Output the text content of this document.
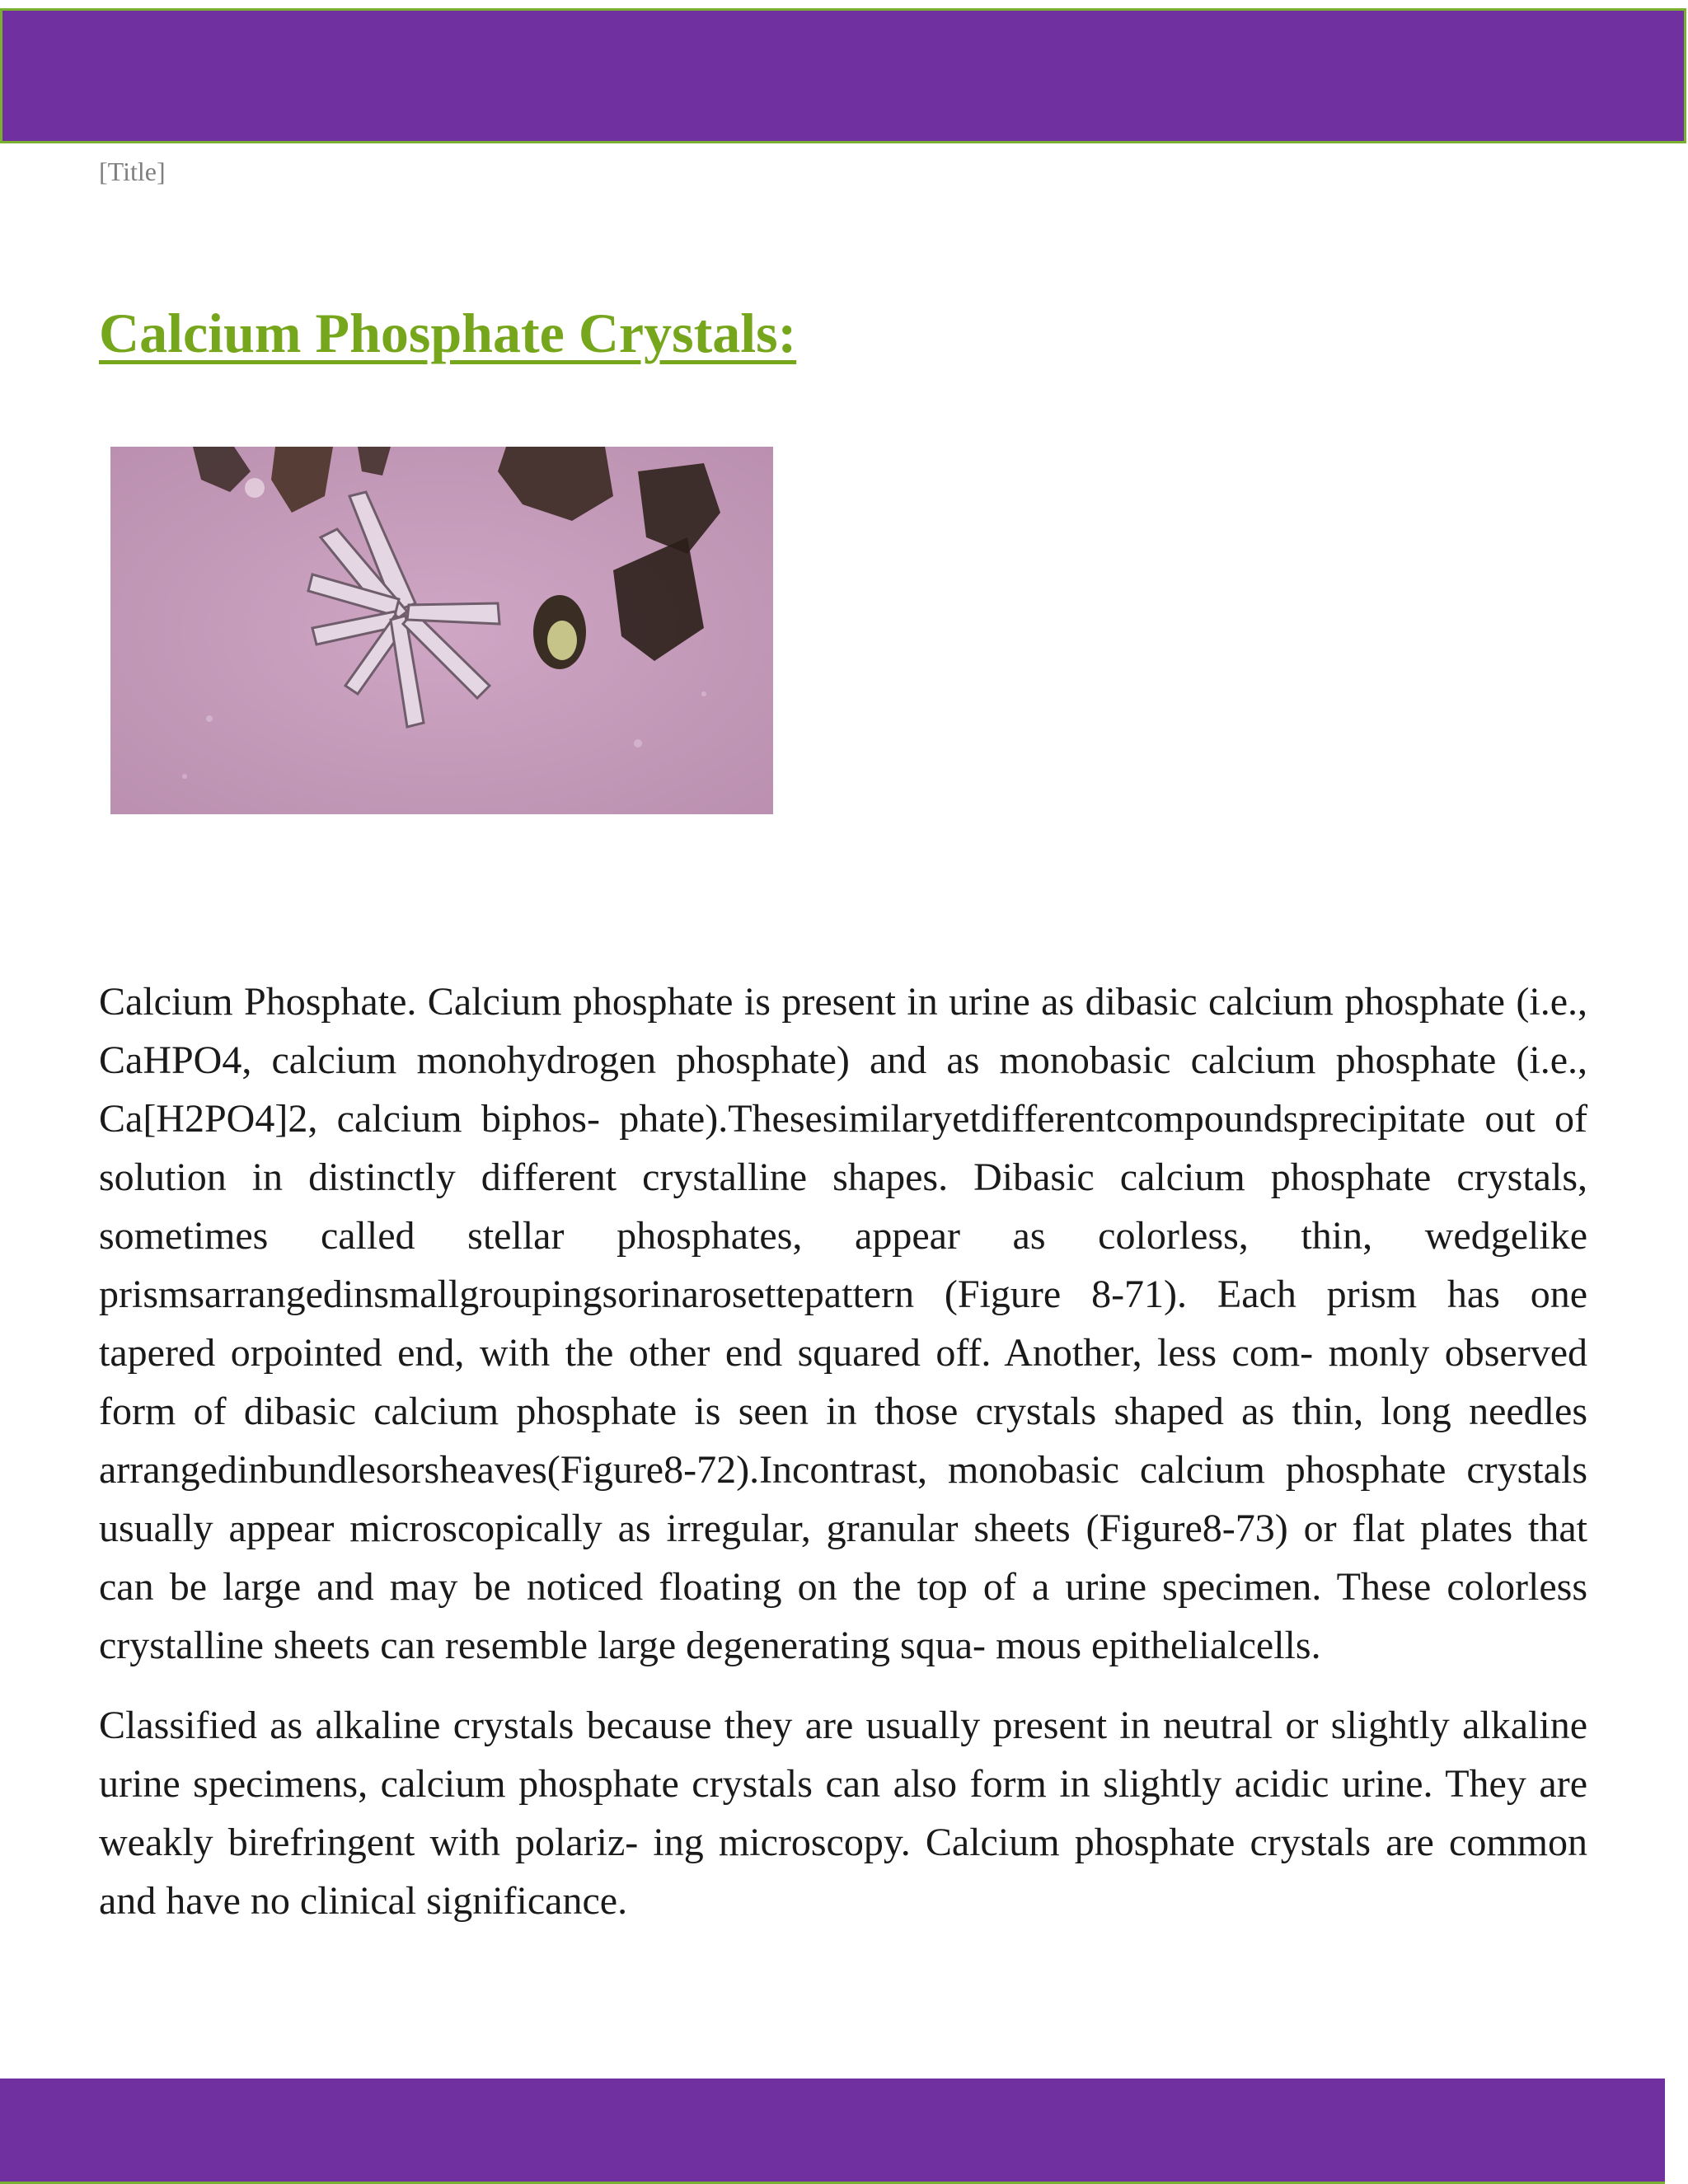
[Title]
Calcium Phosphate Crystals:

Calcium Phosphate. Calcium phosphate is present in urine as dibasic calcium phosphate (i.e., CaHPO4, calcium monohydrogen phosphate) and as monobasic calcium phosphate (i.e., Ca[H2PO4]2, calcium biphos- phate).Thesesimilaryetdifferentcompoundsprecipitate out of solution in distinctly different crystalline shapes. Dibasic calcium phosphate crystals, sometimes called stellar phosphates, appear as colorless, thin, wedgelike prismsarrangedinsmallgroupingsorinarosettepattern (Figure 8-71). Each prism has one tapered orpointed end, with the other end squared off. Another, less com- monly observed form of dibasic calcium phosphate is seen in those crystals shaped as thin, long needles arrangedinbundlesorsheaves(Figure8-72).Incontrast, monobasic calcium phosphate crystals usually appear microscopically as irregular, granular sheets (Figure8-73) or flat plates that can be large and may be noticed floating on the top of a urine specimen. These colorless crystalline sheets can resemble large degenerating squa- mous epithelialcells.

Classified as alkaline crystals because they are usually present in neutral or slightly alkaline urine specimens, calcium phosphate crystals can also form in slightly acidic urine. They are weakly birefringent with polariz- ing microscopy. Calcium phosphate crystals are common and have no clinical significance.
